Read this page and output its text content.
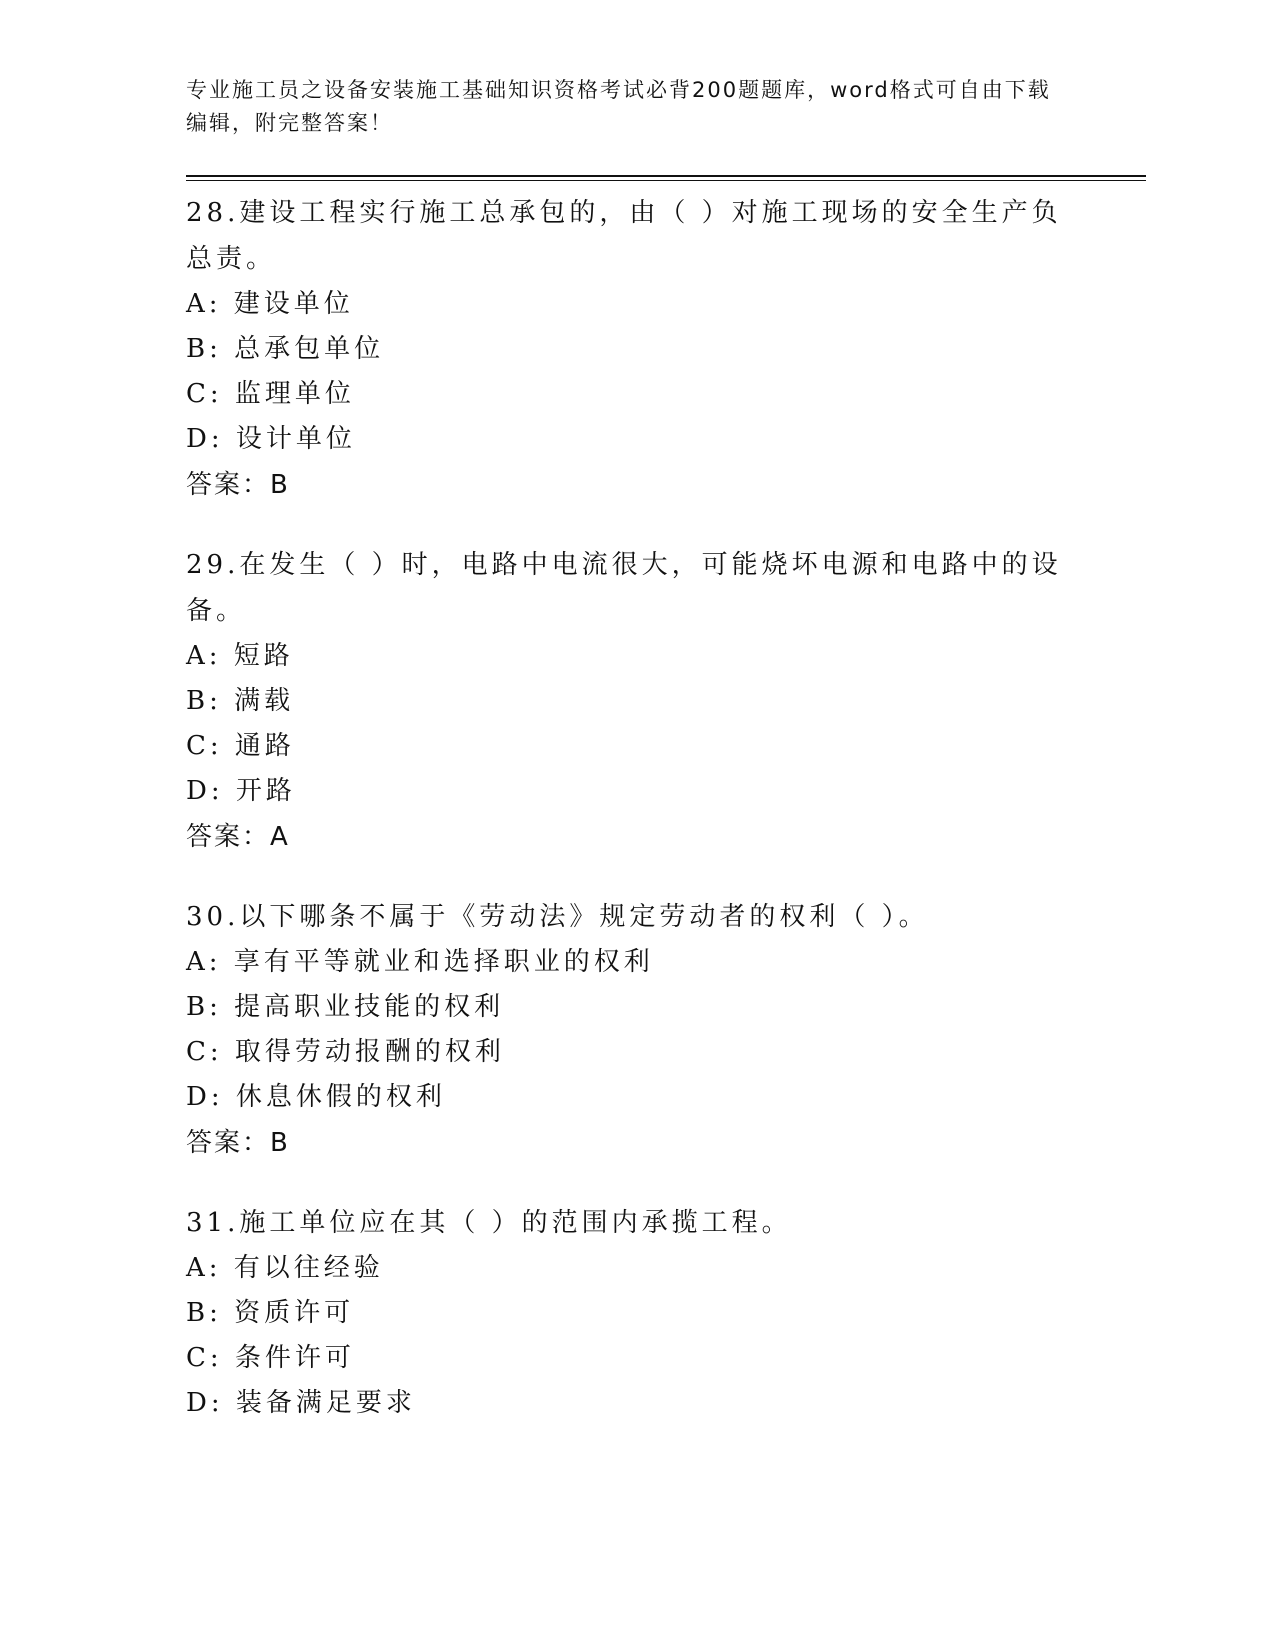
专业施工员之设备安装施工基础知识资格考试必背200题题库，word格式可自由下载编辑，附完整答案！

28.建设工程实行施工总承包的，由（ ）对施工现场的安全生产负总责。

A: 建设单位

B: 总承包单位

C: 监理单位

D: 设计单位

答案：B

29.在发生（ ）时，电路中电流很大，可能烧坏电源和电路中的设备。

A: 短路

B: 满载

C: 通路

D: 开路

答案：A

30.以下哪条不属于《劳动法》规定劳动者的权利（ ）。

A: 享有平等就业和选择职业的权利

B: 提高职业技能的权利

C: 取得劳动报酬的权利

D: 休息休假的权利

答案：B

31.施工单位应在其（ ）的范围内承揽工程。

A: 有以往经验

B: 资质许可

C: 条件许可

D: 装备满足要求
